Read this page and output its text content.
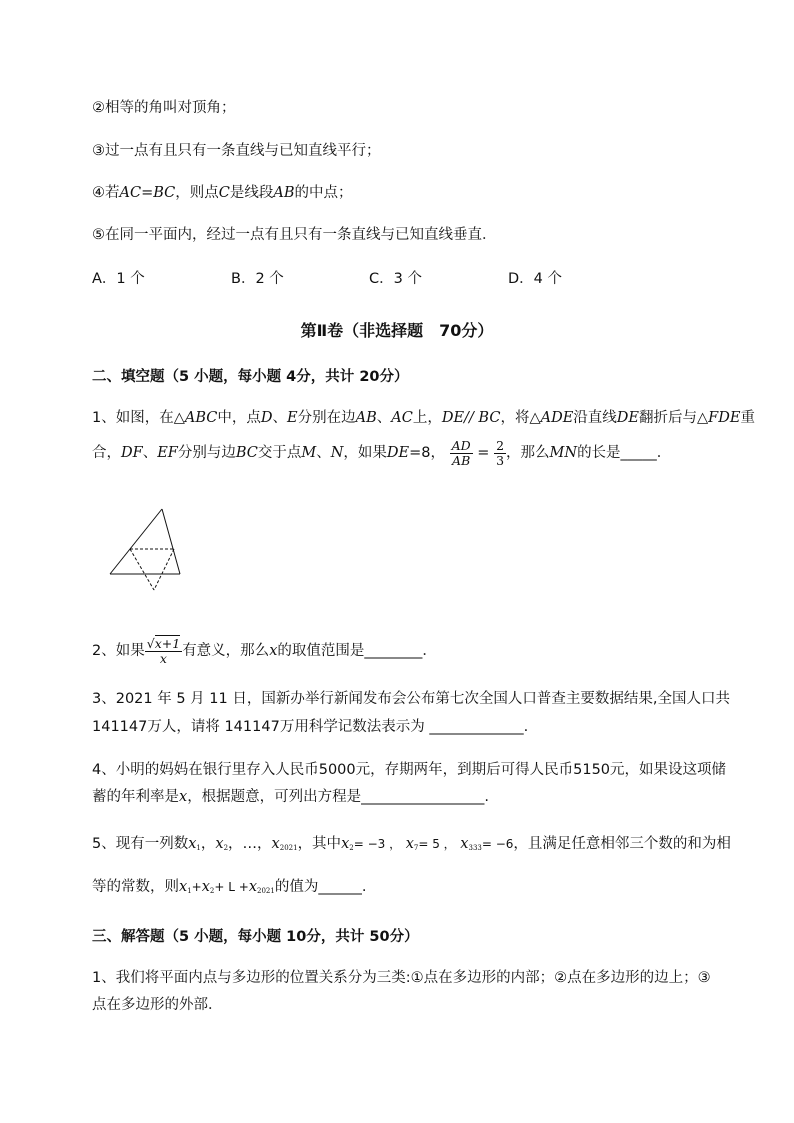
②相等的角叫对顶角；
③过一点有且只有一条直线与已知直线平行；
④若AC=BC，则点C是线段AB的中点；
⑤在同一平面内，经过一点有且只有一条直线与已知直线垂直．
A．1 个	B．2 个	C．3 个	D．4 个
第Ⅱ卷（非选择题　70分）
二、填空题（5 小题，每小题 4分，共计 20分）
1、如图，在△ABC中，点D、E分别在边AB、AC上，DE// BC，将△ADE沿直线DE翻折后与△FDE重
合，DF、EF分别与边BC交于点M、N，如果DE=8， $\frac{AD}{AB} = \frac{2}{3}$ ，那么MN的长是_____．
2、如果 $\frac{√x+1}{x}$ 有意义，那么x的取值范围是________．
3、2021 年 5 月 11 日，国新办举行新闻发布会公布第七次全国人口普查主要数据结果,全国人口共
141147万人，请将 141147万用科学记数法表示为 _____________.
4、小明的妈妈在银行里存入人民币5000元，存期两年，到期后可得人民币5150元，如果设这项储
蓄的年利率是x，根据题意，可列出方程是_________________.
5、现有一列数$x_1$，$x_2$，…，$x_{2021}$，其中$x_2= -3$ ， $x_7= 5$ ， $x_{333}= -6$，且满足任意相邻三个数的和为相
等的常数，则$x_1+x_2+ L +x_{2021}$的值为______.
三、解答题（5 小题，每小题 10分，共计 50分）
1、我们将平面内点与多边形的位置关系分为三类:①点在多边形的内部；②点在多边形的边上；③
点在多边形的外部．
